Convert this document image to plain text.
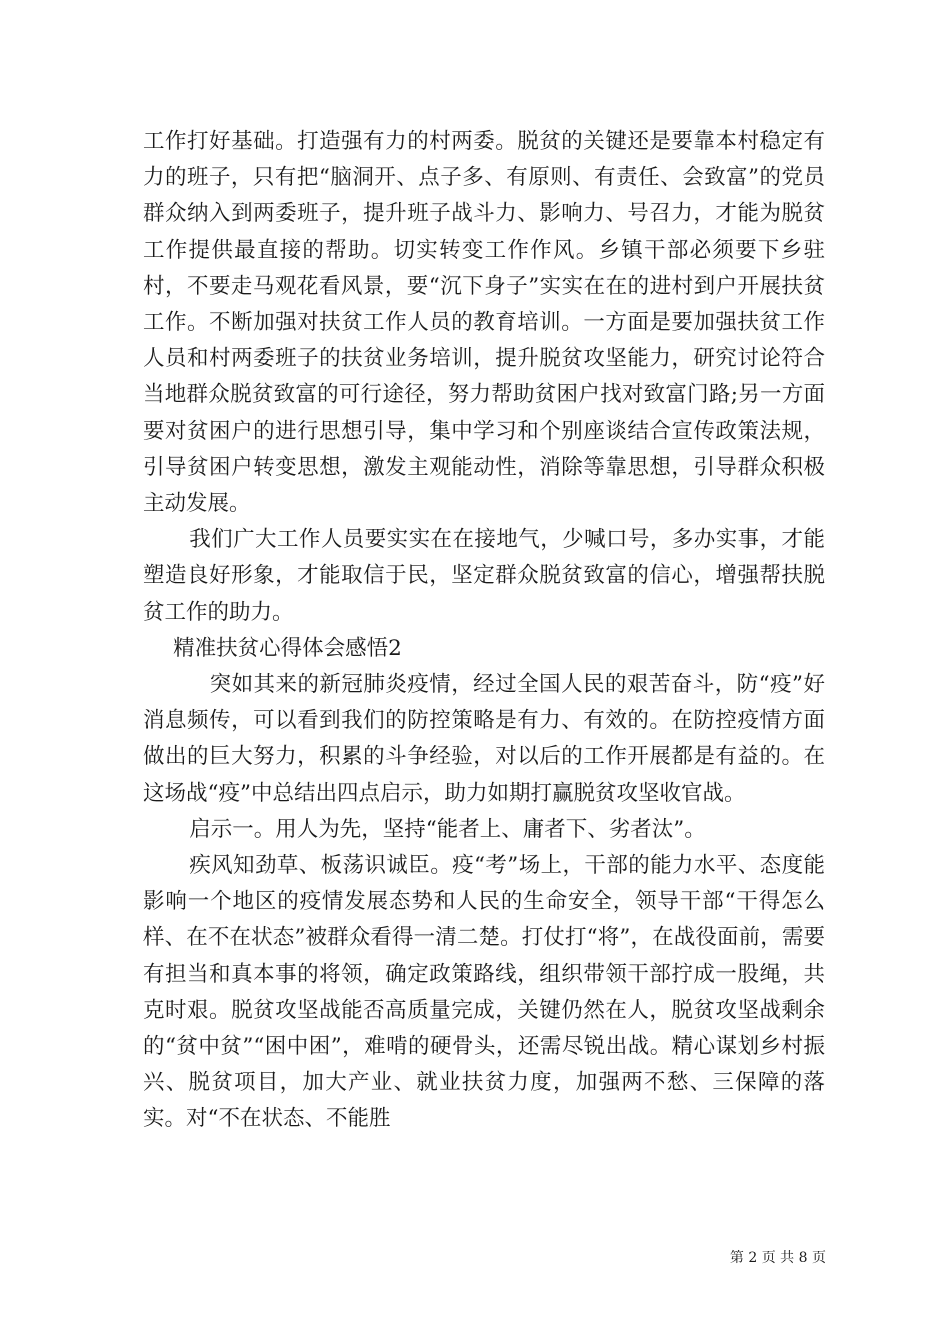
工作打好基础。打造强有力的村两委。脱贫的关键还是要靠本村稳定有力的班子，只有把“脑洞开、点子多、有原则、有责任、会致富”的党员群众纳入到两委班子，提升班子战斗力、影响力、号召力，才能为脱贫工作提供最直接的帮助。切实转变工作作风。乡镇干部必须要下乡驻村，不要走马观花看风景，要“沉下身子”实实在在的进村到户开展扶贫工作。不断加强对扶贫工作人员的教育培训。一方面是要加强扶贫工作人员和村两委班子的扶贫业务培训，提升脱贫攻坚能力，研究讨论符合当地群众脱贫致富的可行途径，努力帮助贫困户找对致富门路;另一方面要对贫困户的进行思想引导，集中学习和个别座谈结合宣传政策法规，引导贫困户转变思想，激发主观能动性，消除等靠思想，引导群众积极主动发展。

我们广大工作人员要实实在在接地气，少喊口号，多办实事，才能塑造良好形象，才能取信于民，坚定群众脱贫致富的信心，增强帮扶脱贫工作的助力。

精准扶贫心得体会感悟2

突如其来的新冠肺炎疫情，经过全国人民的艰苦奋斗，防“疫”好消息频传，可以看到我们的防控策略是有力、有效的。在防控疫情方面做出的巨大努力，积累的斗争经验，对以后的工作开展都是有益的。在这场战“疫”中总结出四点启示，助力如期打赢脱贫攻坚收官战。

启示一。用人为先，坚持“能者上、庸者下、劣者汰”。

疾风知劲草、板荡识诚臣。疫“考”场上，干部的能力水平、态度能影响一个地区的疫情发展态势和人民的生命安全，领导干部“干得怎么样、在不在状态”被群众看得一清二楚。打仗打“将”，在战役面前，需要有担当和真本事的将领，确定政策路线，组织带领干部拧成一股绳，共克时艰。脱贫攻坚战能否高质量完成，关键仍然在人，脱贫攻坚战剩余的“贫中贫”“困中困”，难啃的硬骨头，还需尽锐出战。精心谋划乡村振兴、脱贫项目，加大产业、就业扶贫力度，加强两不愁、三保障的落实。对“不在状态、不能胜

第 2 页 共 8 页
